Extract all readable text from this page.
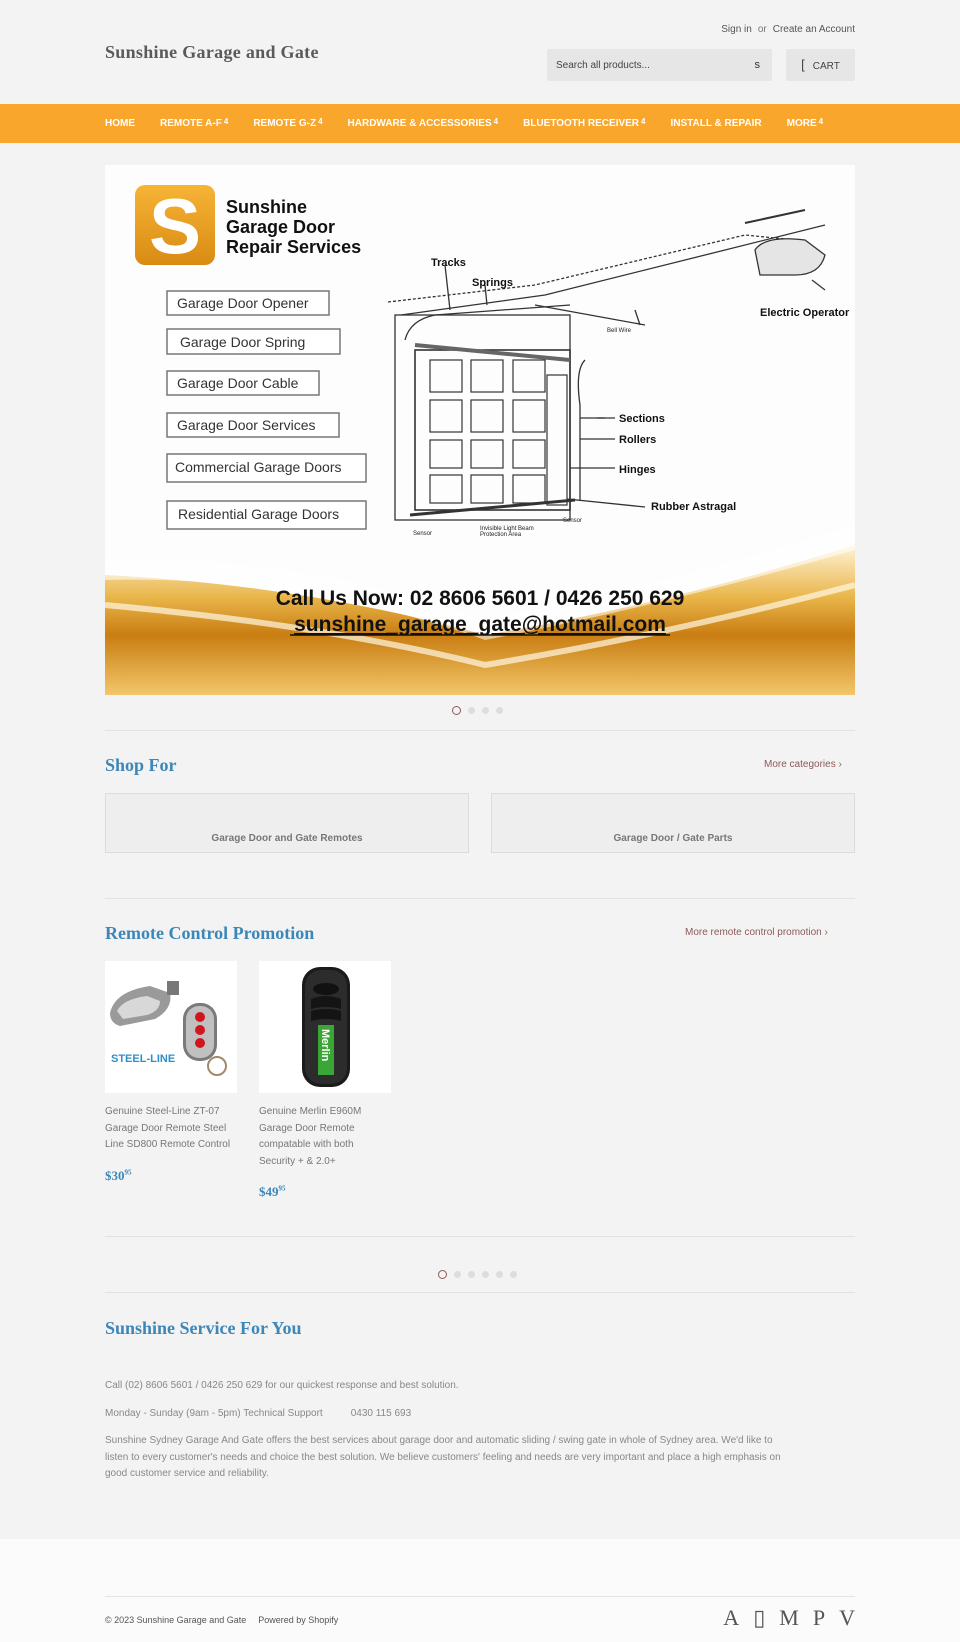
Sunshine Garage and Gate
Sign in or Create an Account
Search all products...
s	[ CART
HOME	REMOTE A-F $^4$	REMOTE G-Z $^4$	HARDWARE & ACCESSORIES $^4$	BLUETOOTH RECEIVER $^4$	INSTALL & REPAIR	MORE $^4$
S Sunshine
Garage Door
Repair Services
Garage Door Opener
Garage Door Spring
Garage Door Cable
Garage Door Services
Commercial Garage Doors
Residential Garage Doors
Tracks
Springs
Electric Operator
Sections
Rollers
Hinges
Rubber Astragal
Bell Wire
Sensor
Sensor
Invisible Light Beam
Protection Area
Call Us Now: 02 8606 5601 / 0426 250 629
sunshine_garage_gate@hotmail.com
Shop For	More categories ›
Garage Door and Gate Remotes	Garage Door / Gate Parts
Remote Control Promotion	More remote control promotion ›
STEEL-LINE
Genuine Steel-Line ZT-07 Garage Door Remote Steel Line SD800 Remote Control
$\$30^{95}$
Merlin
Genuine Merlin E960M Garage Door Remote compatable with both Security + & 2.0+
$\$49^{95}$
Sunshine Service For You
Call (02) 8606 5601 / 0426 250 629 for our quickest response and best solution.
Monday - Sunday (9am - 5pm) Technical Support	0430 115 693
Sunshine Sydney Garage And Gate offers the best services about garage door and automatic sliding / swing gate in whole of Sydney area. We'd like to listen to every customer's needs and choice the best solution. We believe customers' feeling and needs are very important and place a high emphasis on good customer service and reliability.
© 2023 Sunshine Garage and Gate Powered by Shopify	A ▯ M P V
